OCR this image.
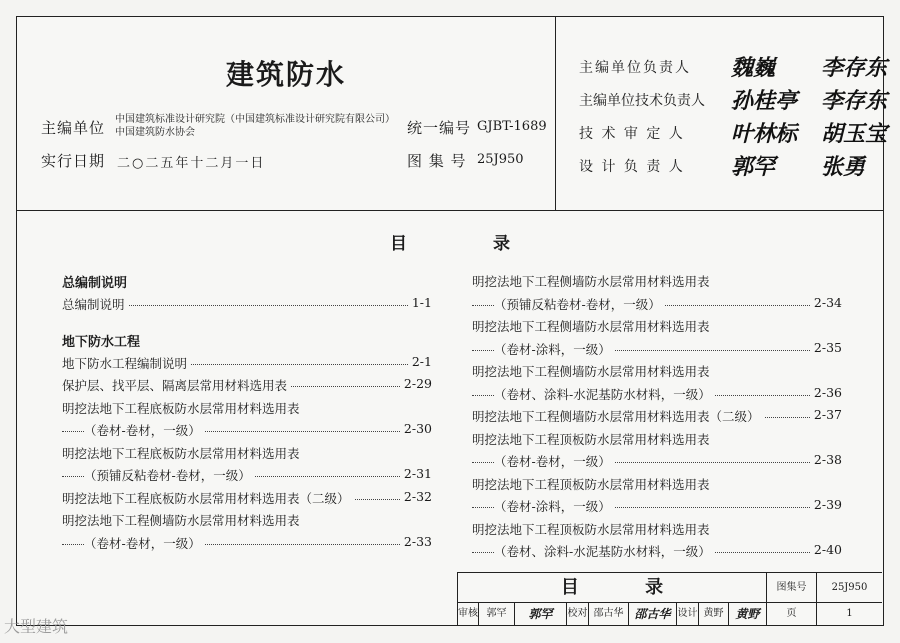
建筑防水
主编单位 中国建筑标准设计研究院（中国建筑标准设计研究院有限公司）
中国建筑防水协会
实行日期 二○二五年十二月一日
统一编号 GJBT-1689
图 集 号 25J950
主编单位负责人	魏巍 李存东
主编单位技术负责人	孙桂亭 李存东
技 术 审 定 人	叶林标 胡玉宝
设 计 负 责 人	郭罕 张勇
目 录
总编制说明
总编制说明	1-1
地下防水工程
地下防水工程编制说明	2-1
保护层、找平层、隔离层常用材料选用表	2-29
明挖法地下工程底板防水层常用材料选用表
（卷材-卷材，一级）	2-30
明挖法地下工程底板防水层常用材料选用表
（预铺反粘卷材-卷材，一级）	2-31
明挖法地下工程底板防水层常用材料选用表（二级）	2-32
明挖法地下工程侧墙防水层常用材料选用表
（卷材-卷材，一级）	2-33
明挖法地下工程侧墙防水层常用材料选用表
（预铺反粘卷材-卷材，一级）	2-34
明挖法地下工程侧墙防水层常用材料选用表
（卷材-涂料，一级）	2-35
明挖法地下工程侧墙防水层常用材料选用表
（卷材、涂料-水泥基防水材料，一级）	2-36
明挖法地下工程侧墙防水层常用材料选用表（二级）	2-37
明挖法地下工程顶板防水层常用材料选用表
（卷材-卷材，一级）	2-38
明挖法地下工程顶板防水层常用材料选用表
（卷材-涂料，一级）	2-39
明挖法地下工程顶板防水层常用材料选用表
（卷材、涂料-水泥基防水材料，一级）	2-40
目 录	图集号	25J950
审核 郭罕	郭罕	校对 邵古华 邵古华 设计 黄野 黄野	页	1
大型建筑
